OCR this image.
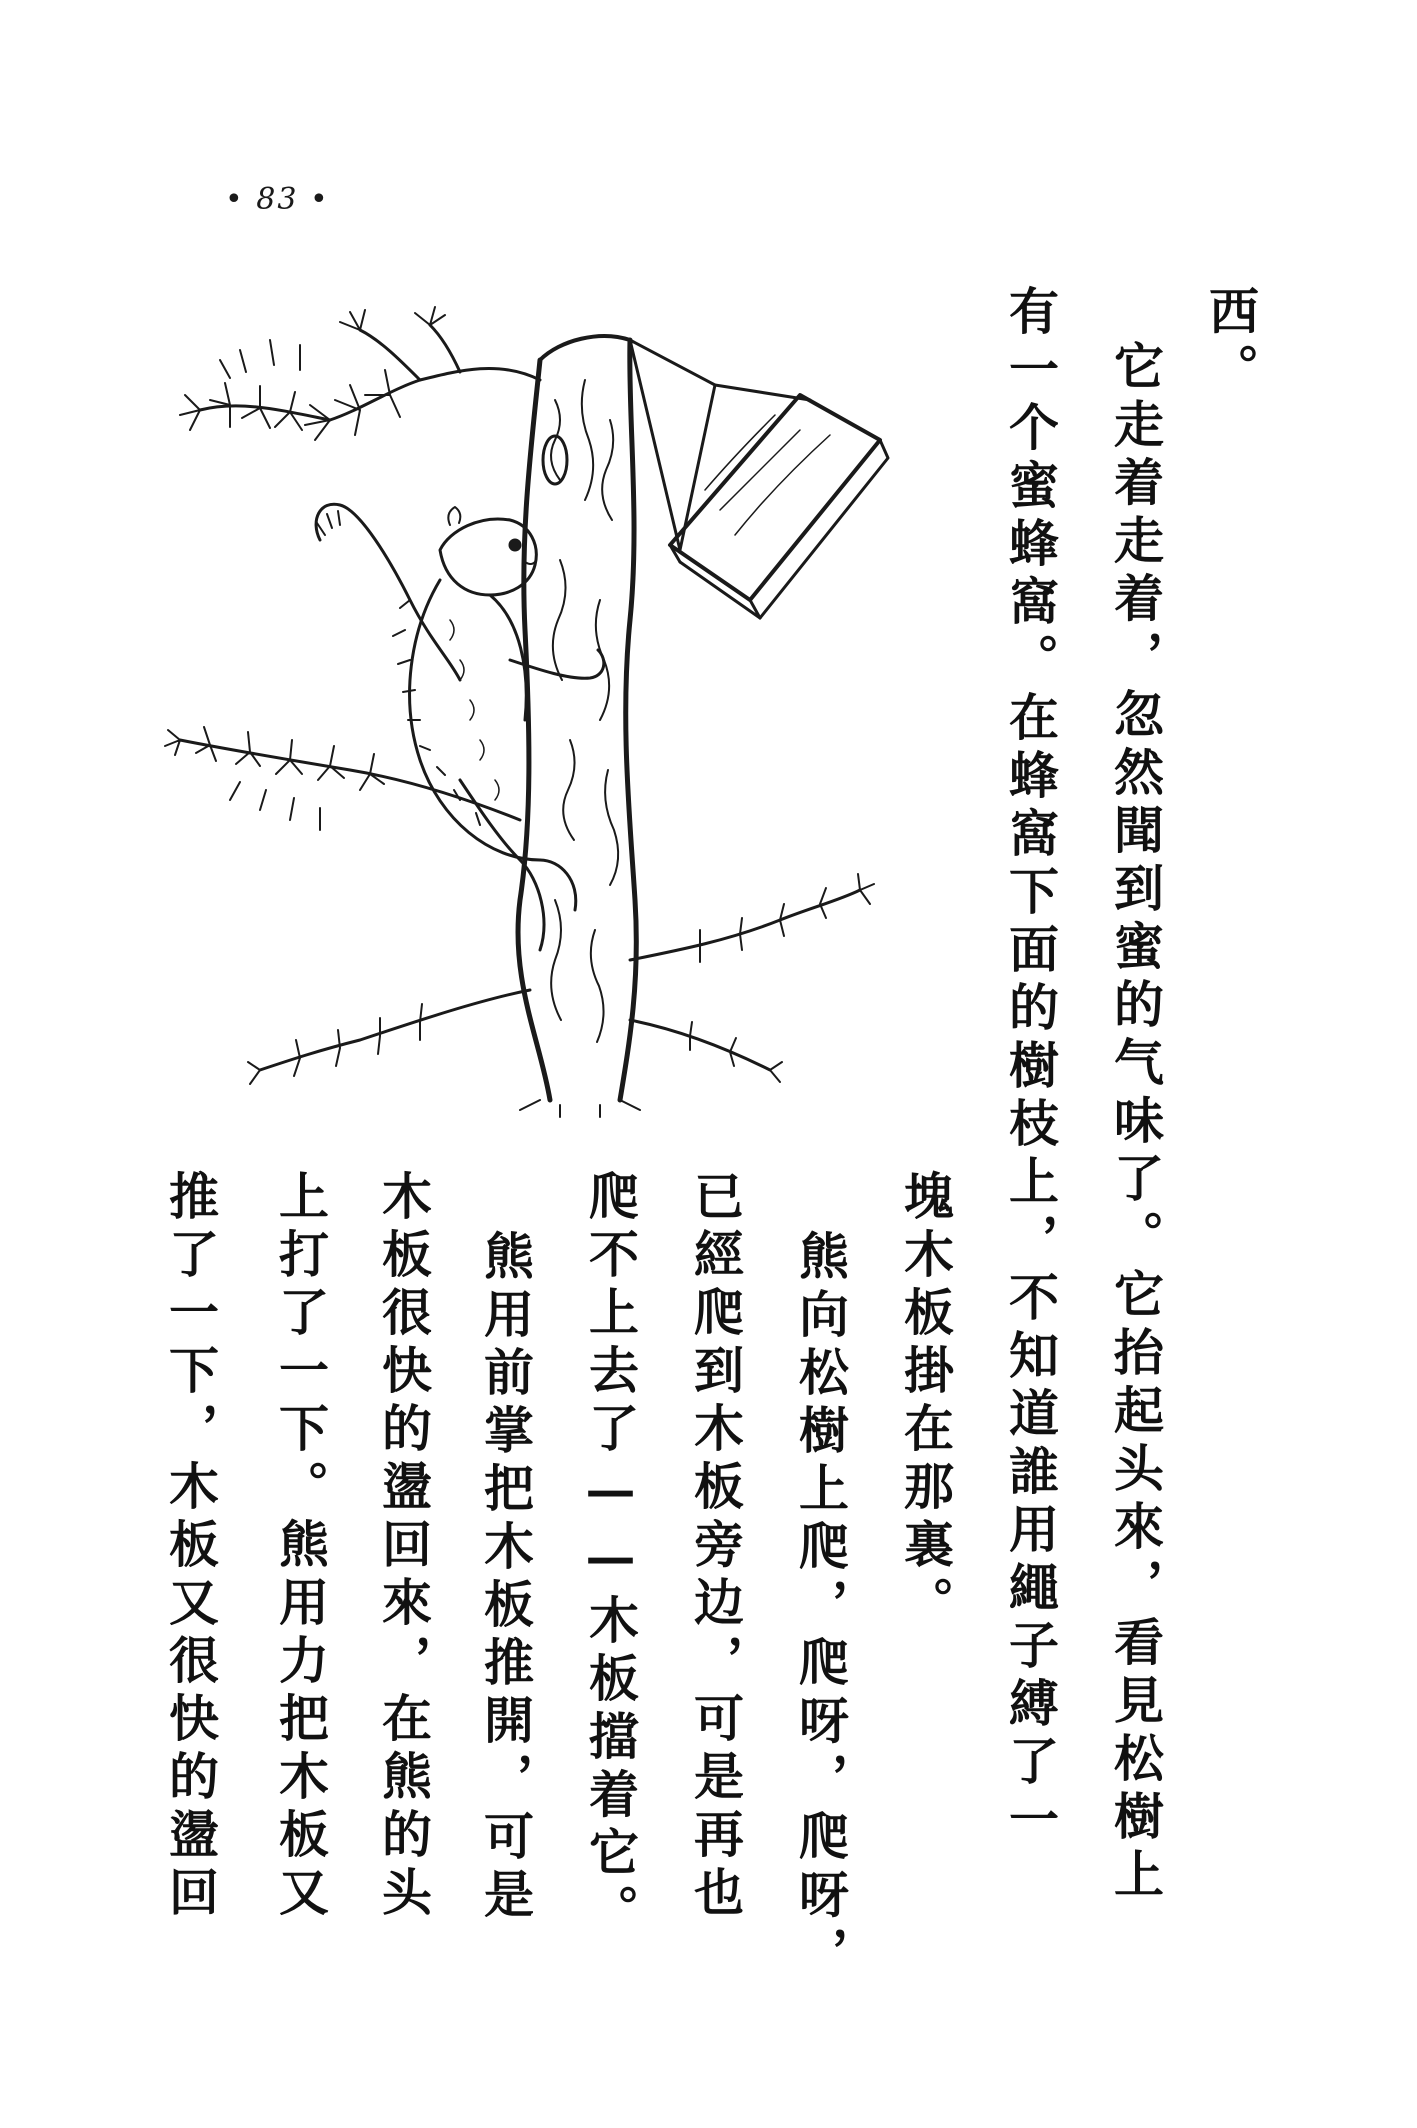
• 83 •
西。
它走着走着，忽然聞到蜜的气味了。它抬起头來，看見松樹上
有一个蜜蜂窩。在蜂窩下面的樹枝上，不知道誰用繩子縛了一
塊木板掛在那裏。
熊向松樹上爬，爬呀，爬呀，
已經爬到木板旁边，可是再也
爬不上去了——木板擋着它。
熊用前掌把木板推開，可是
木板很快的盪回來，在熊的头
上打了一下。熊用力把木板又
推了一下，木板又很快的盪回
